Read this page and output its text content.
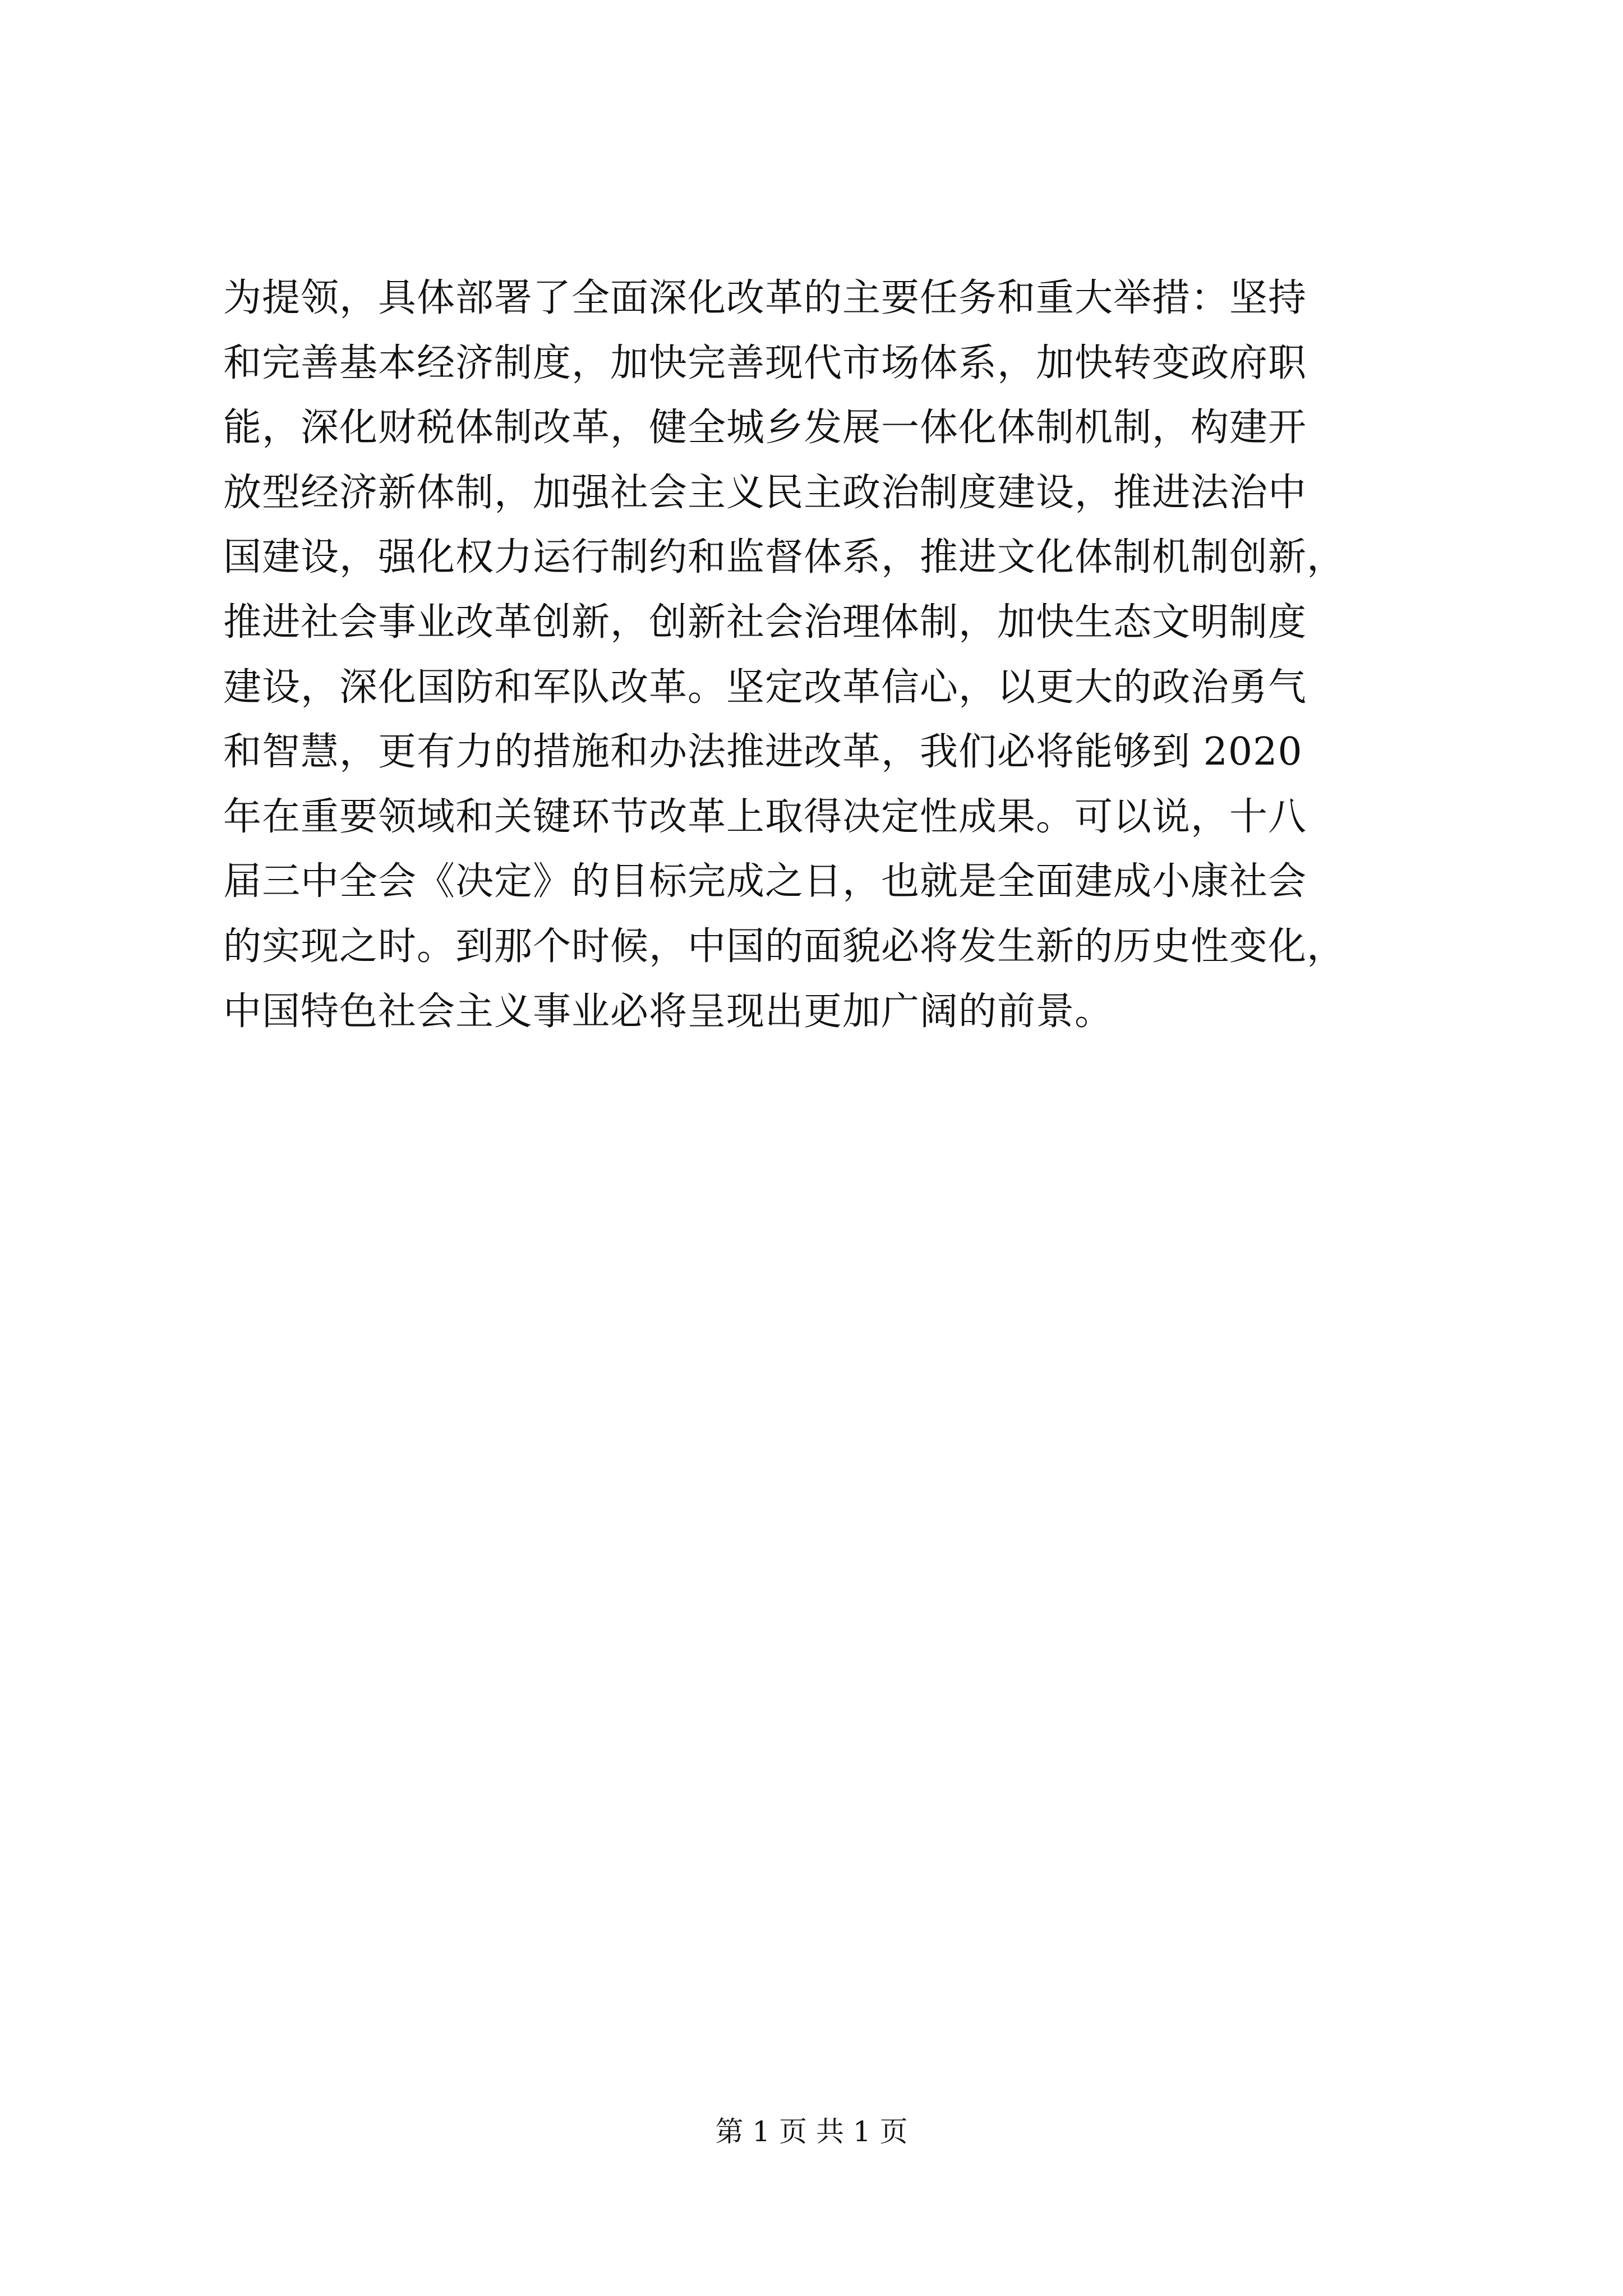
为提领，具体部署了全面深化改革的主要任务和重大举措：坚持
和完善基本经济制度，加快完善现代市场体系，加快转变政府职
能，深化财税体制改革，健全城乡发展一体化体制机制，构建开
放型经济新体制，加强社会主义民主政治制度建设，推进法治中
国建设，强化权力运行制约和监督体系，推进文化体制机制创新，
推进社会事业改革创新，创新社会治理体制，加快生态文明制度
建设，深化国防和军队改革。坚定改革信心，以更大的政治勇气
和智慧，更有力的措施和办法推进改革，我们必将能够到 2020
年在重要领域和关键环节改革上取得决定性成果。可以说，十八
届三中全会《决定》的目标完成之日，也就是全面建成小康社会
的实现之时。到那个时候，中国的面貌必将发生新的历史性变化，
中国特色社会主义事业必将呈现出更加广阔的前景。
第 1 页 共 1 页
